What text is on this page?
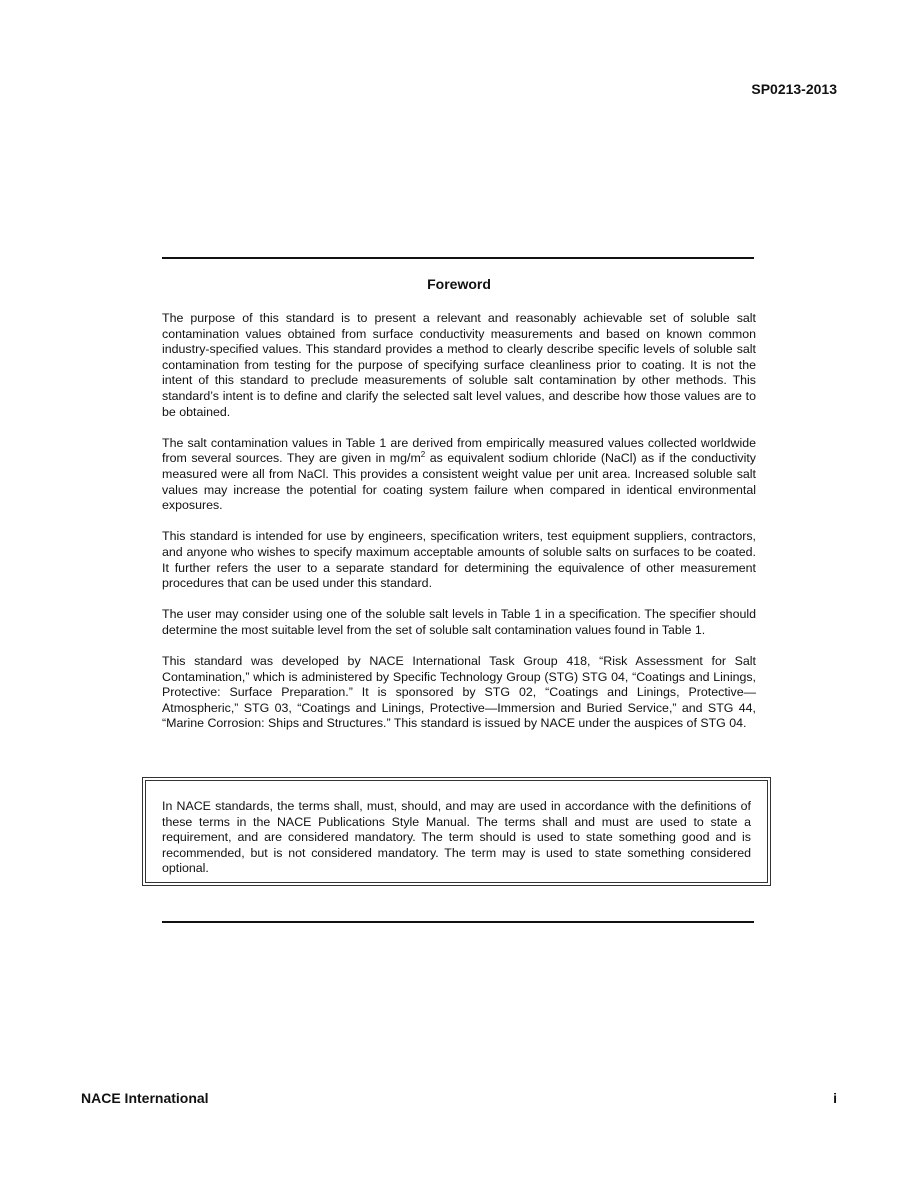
SP0213-2013
Foreword

The purpose of this standard is to present a relevant and reasonably achievable set of soluble salt contamination values obtained from surface conductivity measurements and based on known common industry-specified values. This standard provides a method to clearly describe specific levels of soluble salt contamination from testing for the purpose of specifying surface cleanliness prior to coating. It is not the intent of this standard to preclude measurements of soluble salt contamination by other methods. This standard’s intent is to define and clarify the selected salt level values, and describe how those values are to be obtained.

The salt contamination values in Table 1 are derived from empirically measured values collected worldwide from several sources. They are given in $mg/m^2$ as equivalent sodium chloride (NaCl) as if the conductivity measured were all from NaCl. This provides a consistent weight value per unit area. Increased soluble salt values may increase the potential for coating system failure when compared in identical environmental exposures.

This standard is intended for use by engineers, specification writers, test equipment suppliers, contractors, and anyone who wishes to specify maximum acceptable amounts of soluble salts on surfaces to be coated. It further refers the user to a separate standard for determining the equivalence of other measurement procedures that can be used under this standard.

The user may consider using one of the soluble salt levels in Table 1 in a specification. The specifier should determine the most suitable level from the set of soluble salt contamination values found in Table 1.

This standard was developed by NACE International Task Group 418, “Risk Assessment for Salt Contamination,” which is administered by Specific Technology Group (STG) STG 04, “Coatings and Linings, Protective: Surface Preparation.” It is sponsored by STG 02, “Coatings and Linings, Protective—Atmospheric,” STG 03, “Coatings and Linings, Protective—Immersion and Buried Service,” and STG 44, “Marine Corrosion: Ships and Structures.” This standard is issued by NACE under the auspices of STG 04.

In NACE standards, the terms shall, must, should, and may are used in accordance with the definitions of these terms in the NACE Publications Style Manual. The terms shall and must are used to state a requirement, and are considered mandatory. The term should is used to state something good and is recommended, but is not considered mandatory. The term may is used to state something considered optional.

NACE International	i
